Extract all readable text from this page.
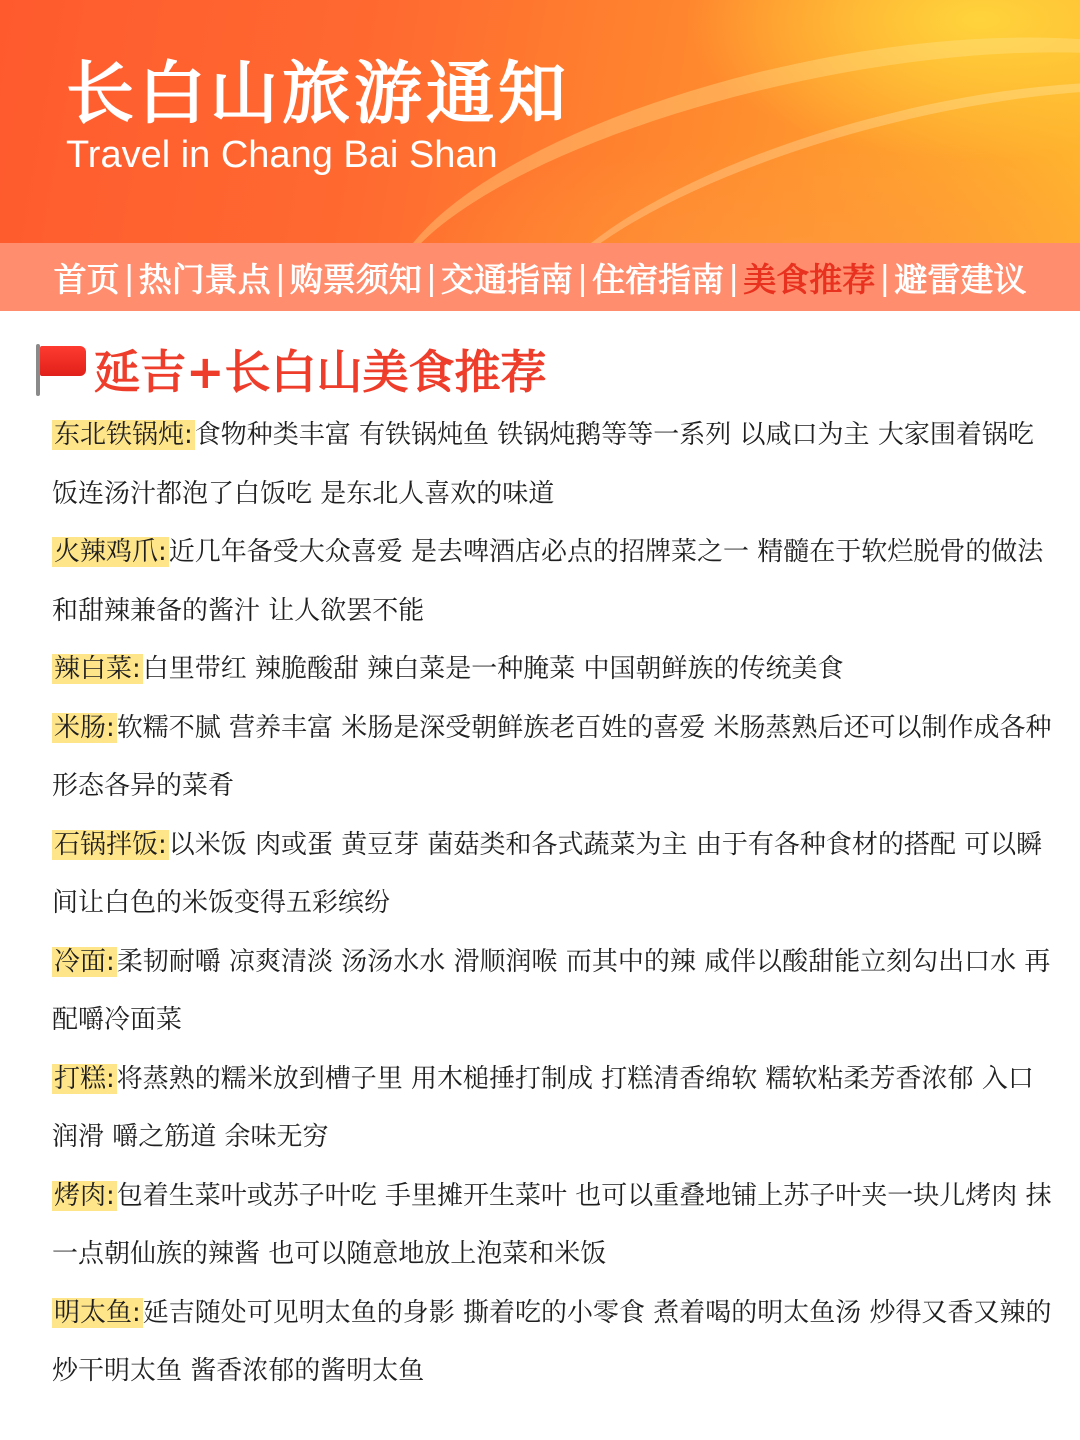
长白山旅游通知
Travel in Chang Bai Shan
首页 | 热门景点 | 购票须知 | 交通指南 | 住宿指南 | 美食推荐 | 避雷建议
延吉+长白山美食推荐

东北铁锅炖:食物种类丰富 有铁锅炖鱼 铁锅炖鹅等等一系列 以咸口为主 大家围着锅吃饭连汤汁都泡了白饭吃 是东北人喜欢的味道

火辣鸡爪:近几年备受大众喜爱 是去啤酒店必点的招牌菜之一 精髓在于软烂脱骨的做法和甜辣兼备的酱汁 让人欲罢不能

辣白菜:白里带红 辣脆酸甜 辣白菜是一种腌菜 中国朝鲜族的传统美食

米肠:软糯不腻 营养丰富 米肠是深受朝鲜族老百姓的喜爱 米肠蒸熟后还可以制作成各种形态各异的菜肴

石锅拌饭:以米饭 肉或蛋 黄豆芽 菌菇类和各式蔬菜为主 由于有各种食材的搭配 可以瞬间让白色的米饭变得五彩缤纷

冷面:柔韧耐嚼 凉爽清淡 汤汤水水 滑顺润喉 而其中的辣 咸伴以酸甜能立刻勾出口水 再配嚼冷面菜

打糕:将蒸熟的糯米放到槽子里 用木槌捶打制成 打糕清香绵软 糯软粘柔芳香浓郁 入口润滑 嚼之筋道 余味无穷

烤肉:包着生菜叶或苏子叶吃 手里摊开生菜叶 也可以重叠地铺上苏子叶夹一块儿烤肉 抹一点朝仙族的辣酱 也可以随意地放上泡菜和米饭

明太鱼:延吉随处可见明太鱼的身影 撕着吃的小零食 煮着喝的明太鱼汤 炒得又香又辣的炒干明太鱼 酱香浓郁的酱明太鱼
